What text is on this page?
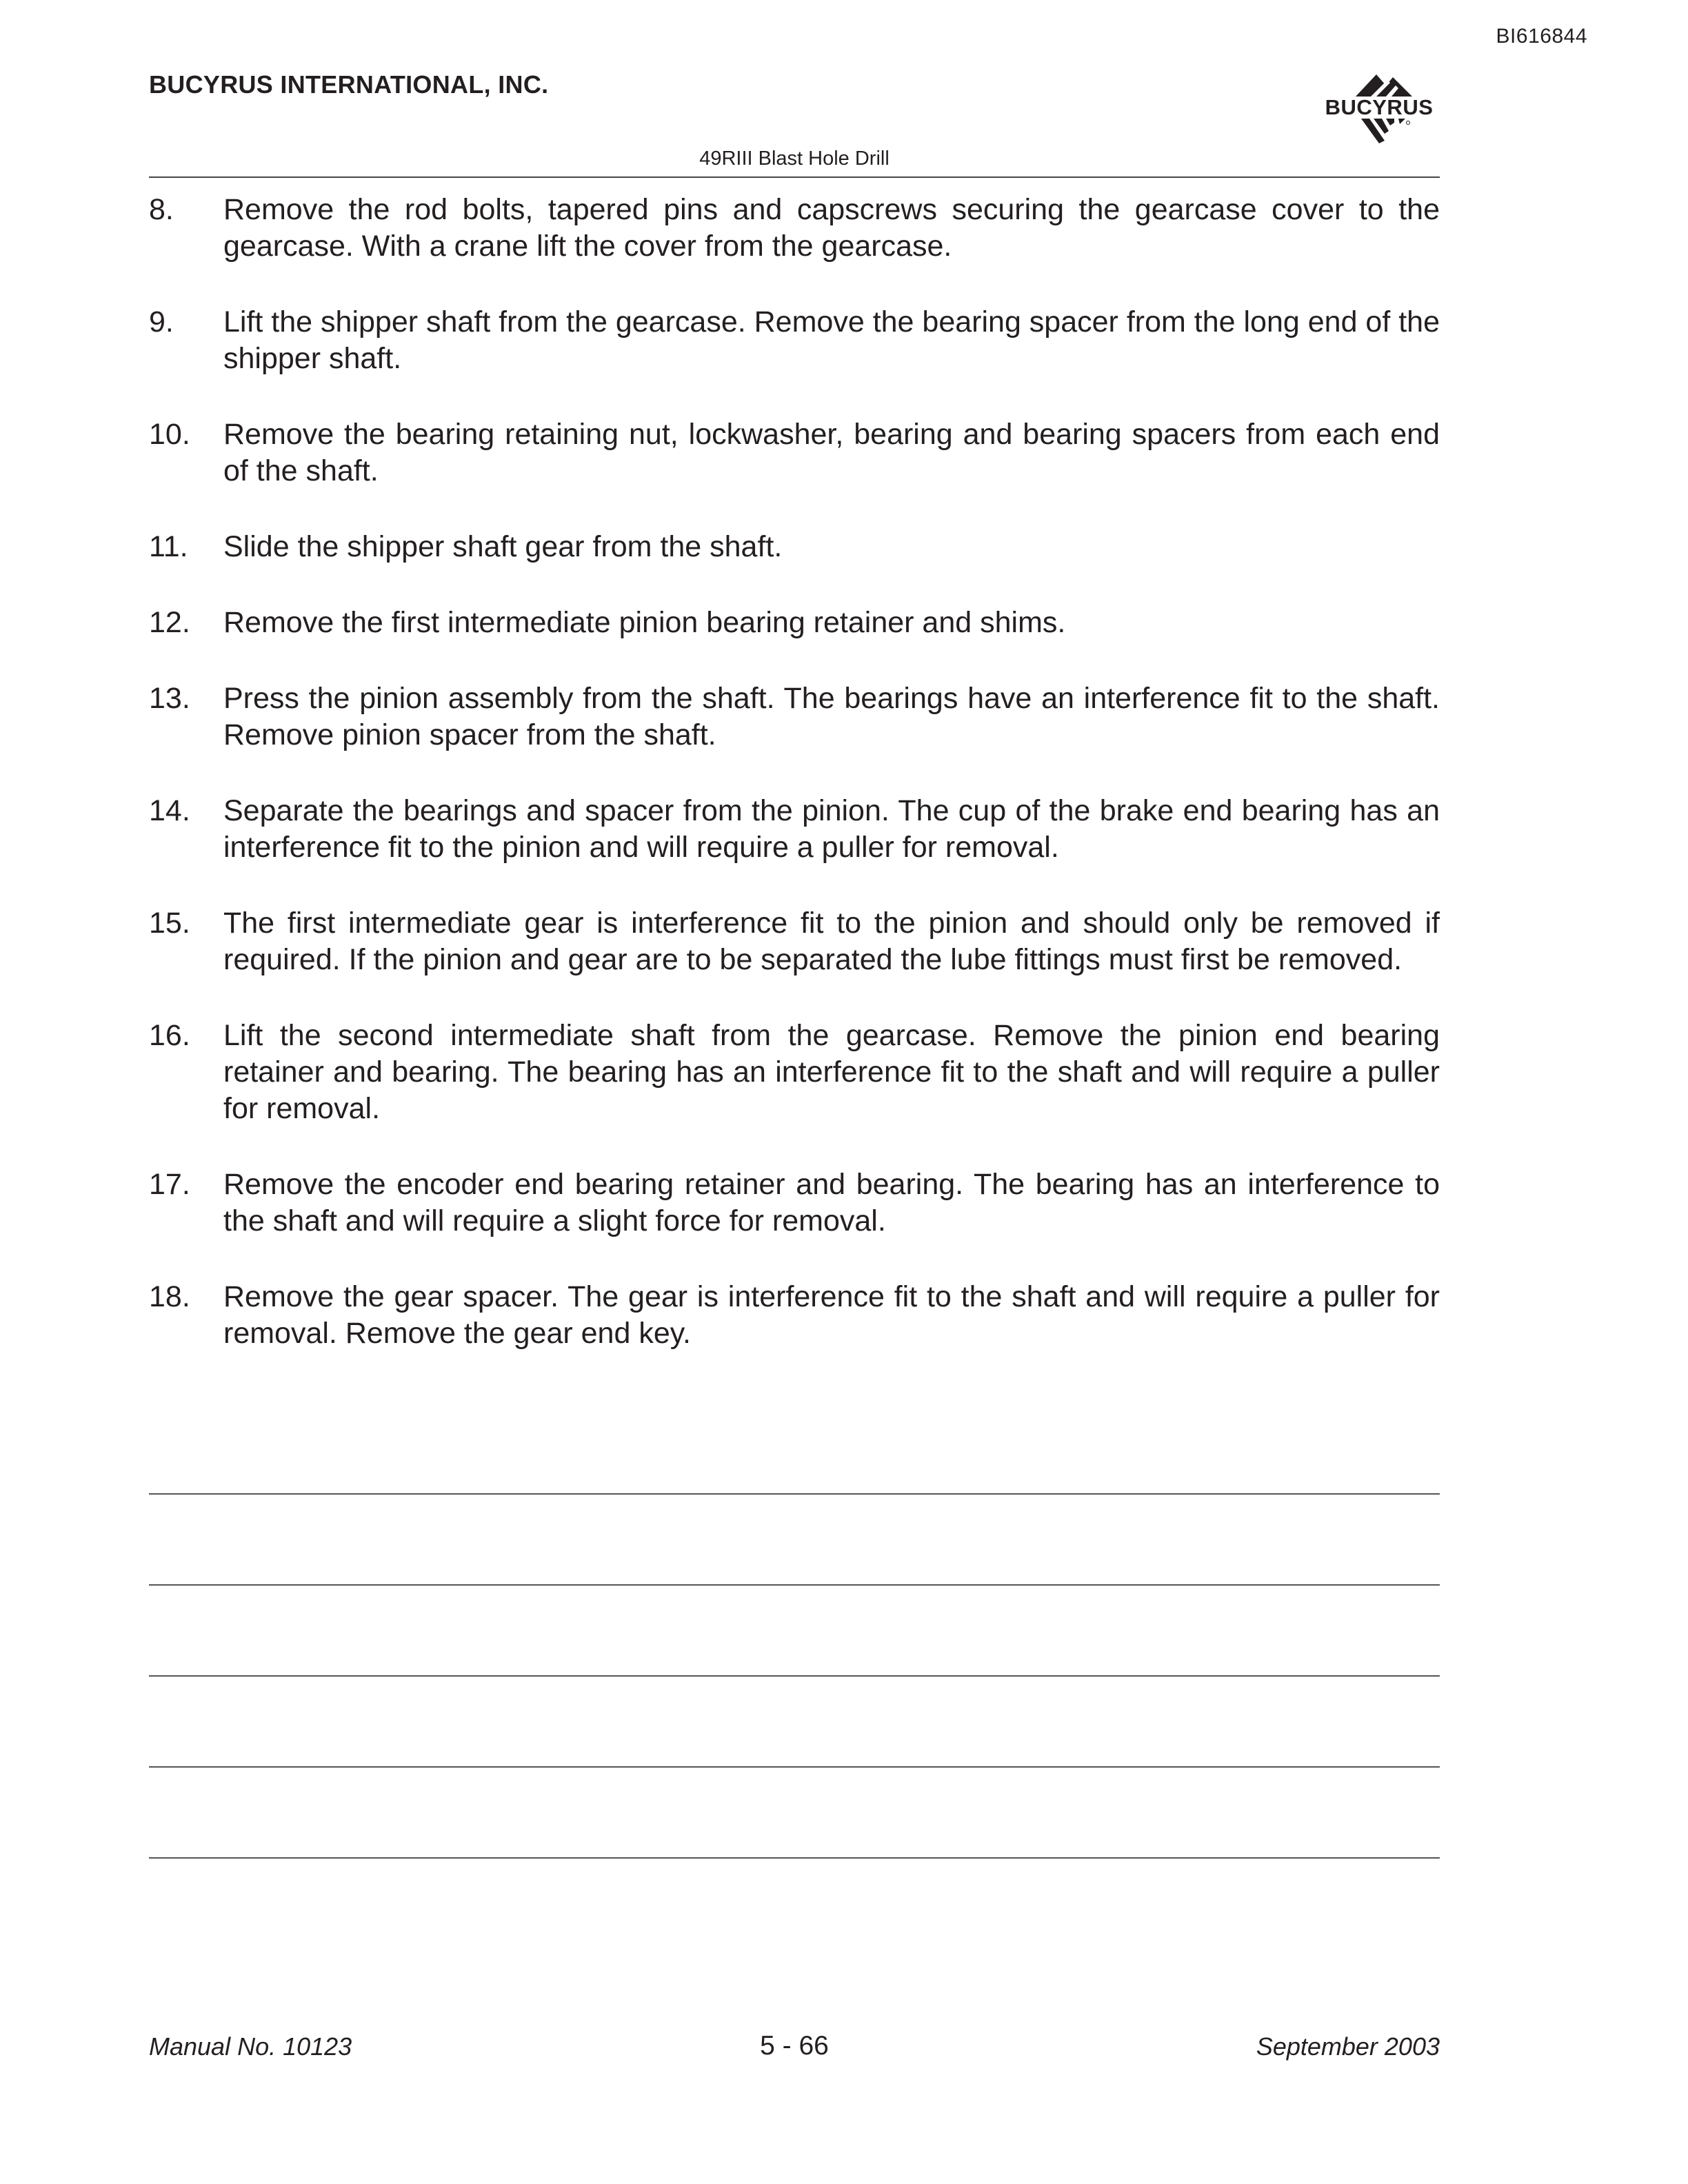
BI616844
BUCYRUS INTERNATIONAL, INC.
BUCYRUS
49RIII Blast Hole Drill
8.	Remove the rod bolts, tapered pins and capscrews securing the gearcase cover to the gearcase. With a crane lift the cover from the gearcase.
9.	Lift the shipper shaft from the gearcase. Remove the bearing spacer from the long end of the shipper shaft.
10.	Remove the bearing retaining nut, lockwasher, bearing and bearing spacers from each end of the shaft.
11.	Slide the shipper shaft gear from the shaft.
12.	Remove the first intermediate pinion bearing retainer and shims.
13.	Press the pinion assembly from the shaft. The bearings have an interference fit to the shaft. Remove pinion spacer from the shaft.
14.	Separate the bearings and spacer from the pinion. The cup of the brake end bearing has an interference fit to the pinion and will require a puller for removal.
15.	The first intermediate gear is interference fit to the pinion and should only be removed if required. If the pinion and gear are to be separated the lube fittings must first be removed.
16.	Lift the second intermediate shaft from the gearcase. Remove the pinion end bearing retainer and bearing. The bearing has an interference fit to the shaft and will require a puller for removal.
17.	Remove the encoder end bearing retainer and bearing. The bearing has an interference to the shaft and will require a slight force for removal.
18.	Remove the gear spacer. The gear is interference fit to the shaft and will require a puller for removal. Remove the gear end key.
Manual No. 10123	5 - 66	September 2003
